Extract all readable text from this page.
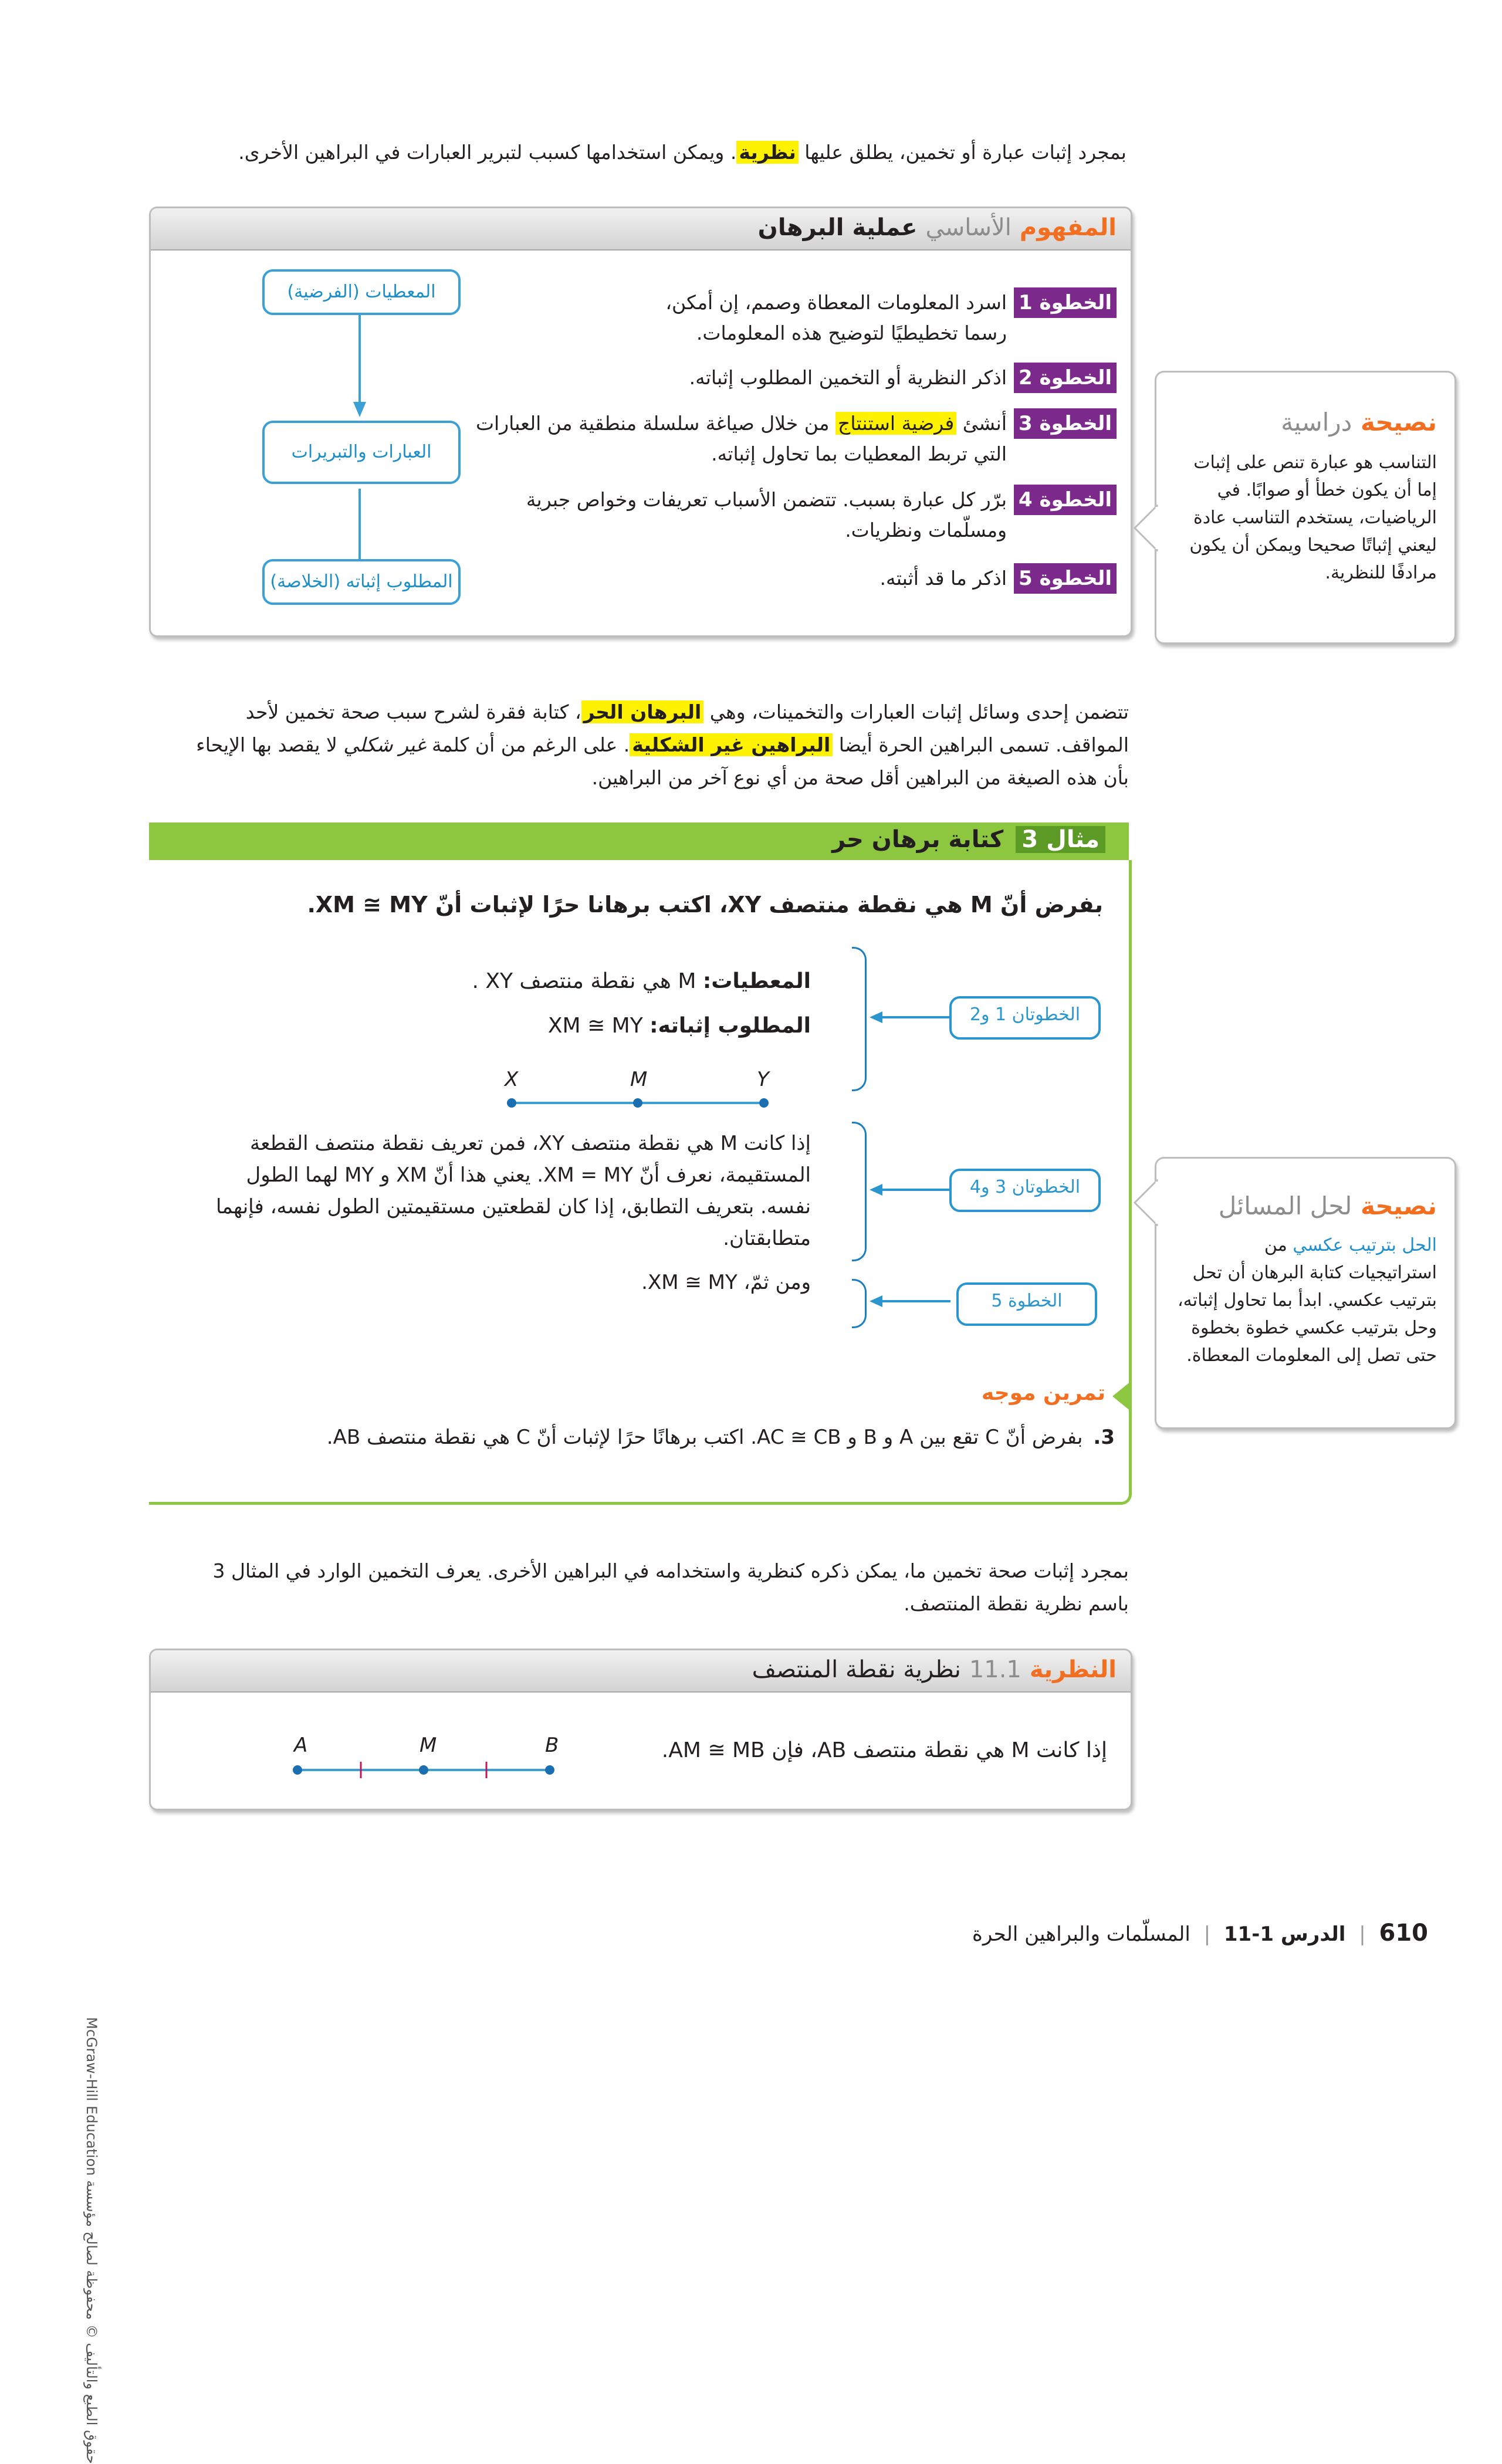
بمجرد إثبات عبارة أو تخمين، يطلق عليها نظرية. ويمكن استخدامها كسبب لتبرير العبارات في البراهين الأخرى.
المفهوم الأساسي عملية البرهان
الخطوة 1
اسرد المعلومات المعطاة وصمم، إن أمكن، رسما تخطيطيًا لتوضيح هذه المعلومات.
الخطوة 2
اذكر النظرية أو التخمين المطلوب إثباته.
الخطوة 3
أنشئ فرضية استنتاج من خلال صياغة سلسلة منطقية من العبارات التي تربط المعطيات بما تحاول إثباته.
الخطوة 4
برّر كل عبارة بسبب. تتضمن الأسباب تعريفات وخواص جبرية ومسلّمات ونظريات.
الخطوة 5
اذكر ما قد أثبته.
المعطيات (الفرضية)
العبارات والتبريرات
المطلوب إثباته (الخلاصة)
نصيحة دراسية
التناسب هو عبارة تنص على إثبات إما أن يكون خطأ أو صوابًا. في الرياضيات، يستخدم التناسب عادة ليعني إثباتًا صحيحا ويمكن أن يكون مرادفًا للنظرية.
تتضمن إحدى وسائل إثبات العبارات والتخمينات، وهي البرهان الحر، كتابة فقرة لشرح سبب صحة تخمين لأحد المواقف. تسمى البراهين الحرة أيضا البراهين غير الشكلية. على الرغم من أن كلمة غير شكلي لا يقصد بها الإيحاء بأن هذه الصيغة من البراهين أقل صحة من أي نوع آخر من البراهين.
مثال 3 كتابة برهان حر
بفرض أنّ M هي نقطة منتصف XY، اكتب برهانا حرًا لإثبات أنّ XM ≅ MY.
المعطيات: M هي نقطة منتصف XY .
المطلوب إثباته: XM ≅ MY
X	M	Y
إذا كانت M هي نقطة منتصف XY، فمن تعريف نقطة منتصف القطعة المستقيمة، نعرف أنّ XM = MY. يعني هذا أنّ XM و MY لهما الطول نفسه. بتعريف التطابق، إذا كان لقطعتين مستقيمتين الطول نفسه، فإنهما متطابقتان.
ومن ثمّ، XM ≅ MY.
الخطوتان 1 و2
الخطوتان 3 و4
الخطوة 5
تمرين موجه
3.بفرض أنّ C تقع بين A و B و AC ≅ CB. اكتب برهانًا حرًا لإثبات أنّ C هي نقطة منتصف AB.
نصيحة لحل المسائل
الحل بترتيب عكسي من استراتيجيات كتابة البرهان أن تحل بترتيب عكسي. ابدأ بما تحاول إثباته، وحل بترتيب عكسي خطوة بخطوة حتى تصل إلى المعلومات المعطاة.
بمجرد إثبات صحة تخمين ما، يمكن ذكره كنظرية واستخدامه في البراهين الأخرى. يعرف التخمين الوارد في المثال 3 باسم نظرية نقطة المنتصف.
النظرية 11.1 نظرية نقطة المنتصف
إذا كانت M هي نقطة منتصف AB، فإن AM ≅ MB.
A	M	B
حقوق الطبع والتأليف © محفوظة لصالح مؤسسة McGraw-Hill Education
610 | الدرس 1-11 | المسلّمات والبراهين الحرة
